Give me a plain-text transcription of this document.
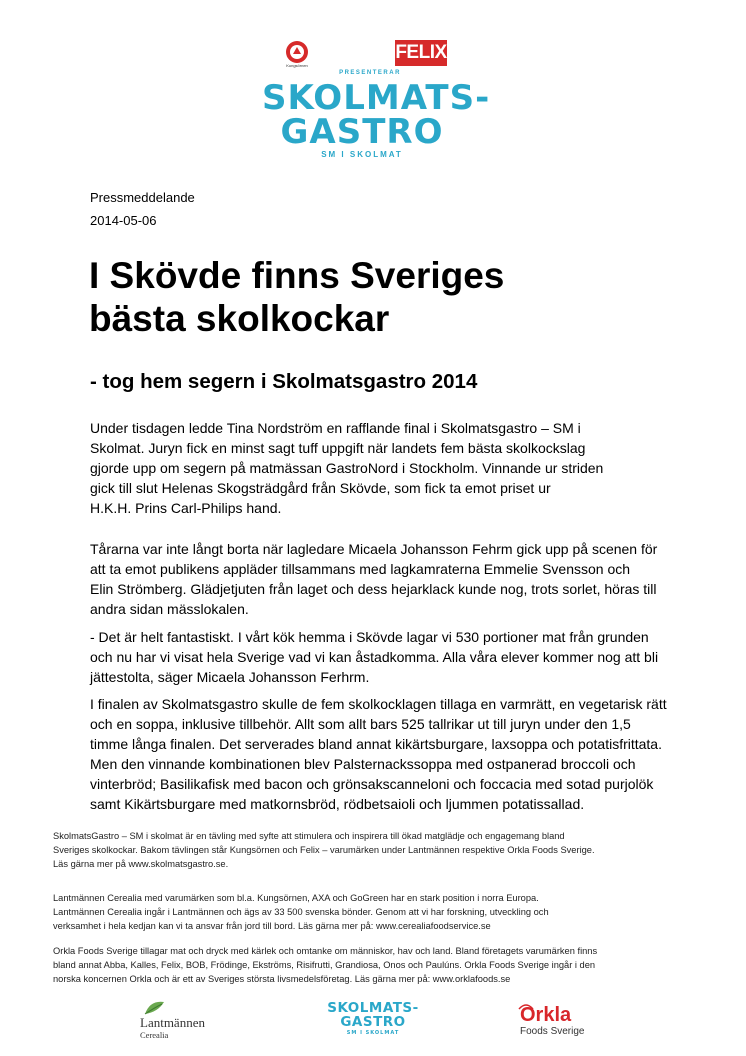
Kungsörnen
FELIX
PRESENTERAR
SKOLMATS-
GASTRO
SM I SKOLMAT
Pressmeddelande
2014-05-06
I Skövde finns Sveriges
bästa skolkockar
- tog hem segern i Skolmatsgastro 2014
Under tisdagen ledde Tina Nordström en rafflande final i Skolmatsgastro – SM i
Skolmat. Juryn fick en minst sagt tuff uppgift när landets fem bästa skolkockslag
gjorde upp om segern på matmässan GastroNord i Stockholm. Vinnande ur striden
gick till slut Helenas Skogsträdgård från Skövde, som fick ta emot priset ur
H.K.H. Prins Carl-Philips hand.
Tårarna var inte långt borta när lagledare Micaela Johansson Fehrm gick upp på scenen för
att ta emot publikens appläder tillsammans med lagkamraterna Emmelie Svensson och
Elin Strömberg. Glädjetjuten från laget och dess hejarklack kunde nog, trots sorlet, höras till
andra sidan mässlokalen.
- Det är helt fantastiskt. I vårt kök hemma i Skövde lagar vi 530 portioner mat från grunden
och nu har vi visat hela Sverige vad vi kan åstadkomma. Alla våra elever kommer nog att bli
jättestolta, säger Micaela Johansson Ferhrm.
I finalen av Skolmatsgastro skulle de fem skolkocklagen tillaga en varmrätt, en vegetarisk rätt
och en soppa, inklusive tillbehör. Allt som allt bars 525 tallrikar ut till juryn under den 1,5
timme långa finalen. Det serverades bland annat kikärtsburgare, laxsoppa och potatisfrittata.
Men den vinnande kombinationen blev Palsternackssoppa med ostpanerad broccoli och
vinterbröd; Basilikafisk med bacon och grönsakscanneloni och foccacia med sotad purjolök
samt Kikärtsburgare med matkornsbröd, rödbetsaioli och ljummen potatissallad.
SkolmatsGastro – SM i skolmat är en tävling med syfte att stimulera och inspirera till ökad matglädje och engagemang bland
Sveriges skolkockar. Bakom tävlingen står Kungsörnen och Felix – varumärken under Lantmännen respektive Orkla Foods Sverige.
Läs gärna mer på www.skolmatsgastro.se.
Lantmännen Cerealia med varumärken som bl.a. Kungsörnen, AXA och GoGreen har en stark position i norra Europa.
Lantmännen Cerealia ingår i Lantmännen och ägs av 33 500 svenska bönder. Genom att vi har forskning, utveckling och
verksamhet i hela kedjan kan vi ta ansvar från jord till bord. Läs gärna mer på: www.cerealiafoodservice.se
Orkla Foods Sverige tillagar mat och dryck med kärlek och omtanke om människor, hav och land. Bland företagets varumärken finns
bland annat Abba, Kalles, Felix, BOB, Frödinge, Ekströms, Risifrutti, Grandiosa, Onos och Paulúns. Orkla Foods Sverige ingår i den
norska koncernen Orkla och är ett av Sveriges största livsmedelsföretag. Läs gärna mer på: www.orklafoods.se
Lantmännen
Cerealia
SKOLMATS-
GASTRO
SM I SKOLMAT
Orkla
Foods Sverige
